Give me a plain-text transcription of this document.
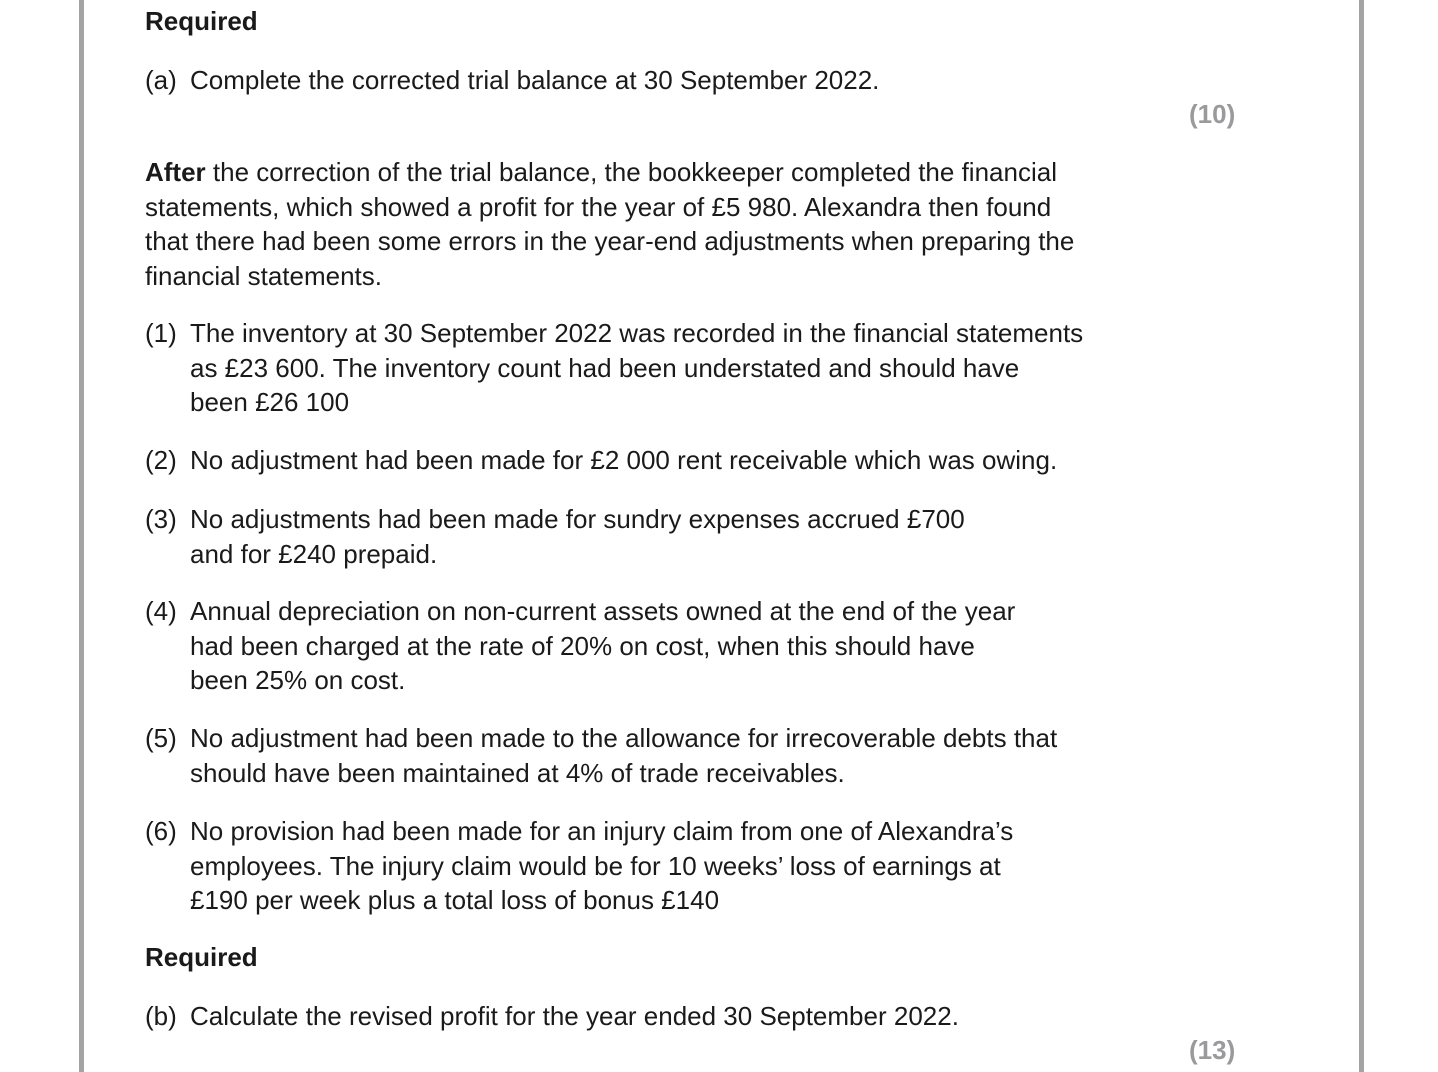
Required
(a) Complete the corrected trial balance at 30 September 2022.
(10)
After the correction of the trial balance, the bookkeeper completed the financial
statements, which showed a profit for the year of £5 980. Alexandra then found
that there had been some errors in the year-end adjustments when preparing the
financial statements.
(1) The inventory at 30 September 2022 was recorded in the financial statements
as £23 600. The inventory count had been understated and should have
been £26 100
(2) No adjustment had been made for £2 000 rent receivable which was owing.
(3) No adjustments had been made for sundry expenses accrued £700
and for £240 prepaid.
(4) Annual depreciation on non-current assets owned at the end of the year
had been charged at the rate of 20% on cost, when this should have
been 25% on cost.
(5) No adjustment had been made to the allowance for irrecoverable debts that
should have been maintained at 4% of trade receivables.
(6) No provision had been made for an injury claim from one of Alexandra’s
employees. The injury claim would be for 10 weeks’ loss of earnings at
£190 per week plus a total loss of bonus £140
Required
(b) Calculate the revised profit for the year ended 30 September 2022.
(13)
